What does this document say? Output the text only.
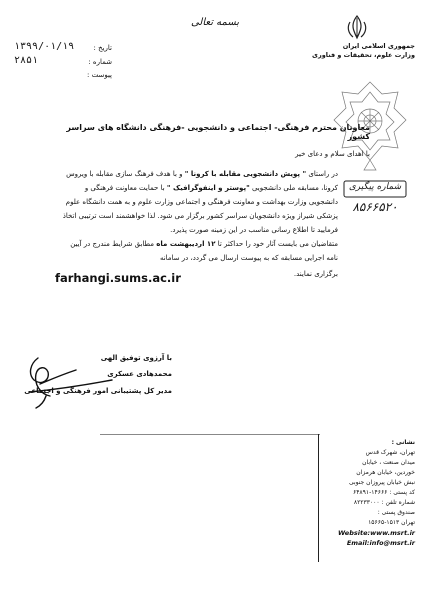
بسمه تعالی
تاریخ :
۱۳۹۹/۰۱/۱۹
شماره :
۲۸۵۱
پیوست :
جمهوری اسلامی ایران
وزارت علوم، تحقیقات و فناوری
معاونان محترم فرهنگی- اجتماعی و دانشجویی -فرهنگی دانشگاه های سراسر کشور
با اهدای سلام و دعای خیر
شماره پیگیری
۸۵۶۶۵۲۰
در راستای " پویش دانشجویی مقابله با کرونا " و با هدف فرهنگ سازی مقابله با ویروس
کرونا، مسابقه ملی دانشجویی "پوستر و اینفوگرافیک " با حمایت معاونت فرهنگی و
دانشجویی وزارت بهداشت و معاونت فرهنگی و اجتماعی وزارت علوم و به همت دانشگاه علوم
پزشکی شیراز ویژه دانشجویان سراسر کشور برگزار می شود. لذا خواهشمند است ترتیبی اتخاذ
فرمایید تا اطلاع رسانی مناسب در این زمینه صورت پذیرد.
متقاضیان می بایست آثار خود را حداکثر تا ۱۲ اردیبهشت ماه مطابق شرایط مندرج در آیین
نامه اجرایی مسابقه که به پیوست ارسال می گردد، در سامانه
برگزاری نمایند.
farhangi.sums.ac.ir
با آرزوی توفیق الهی
محمدهادی عسکری
مدیر کل پشتیبانی امور فرهنگی و اجتماعی
نشانی :
تهران، شهرک قدس
میدان صنعت ، خیابان
خوردین، خیابان هرمزان
نبش خیابان پیروزان جنوبی
کد پستی : ۱۴۶۶۶-۶۴۸۹۱
شماره تلفن : ۸۲۲۳۳۰۰۰
صندوق پستی :
تهران ۱۵۱۳-۱۵۶۶۵
Website:www.msrt.ir
Email:info@msrt.ir
